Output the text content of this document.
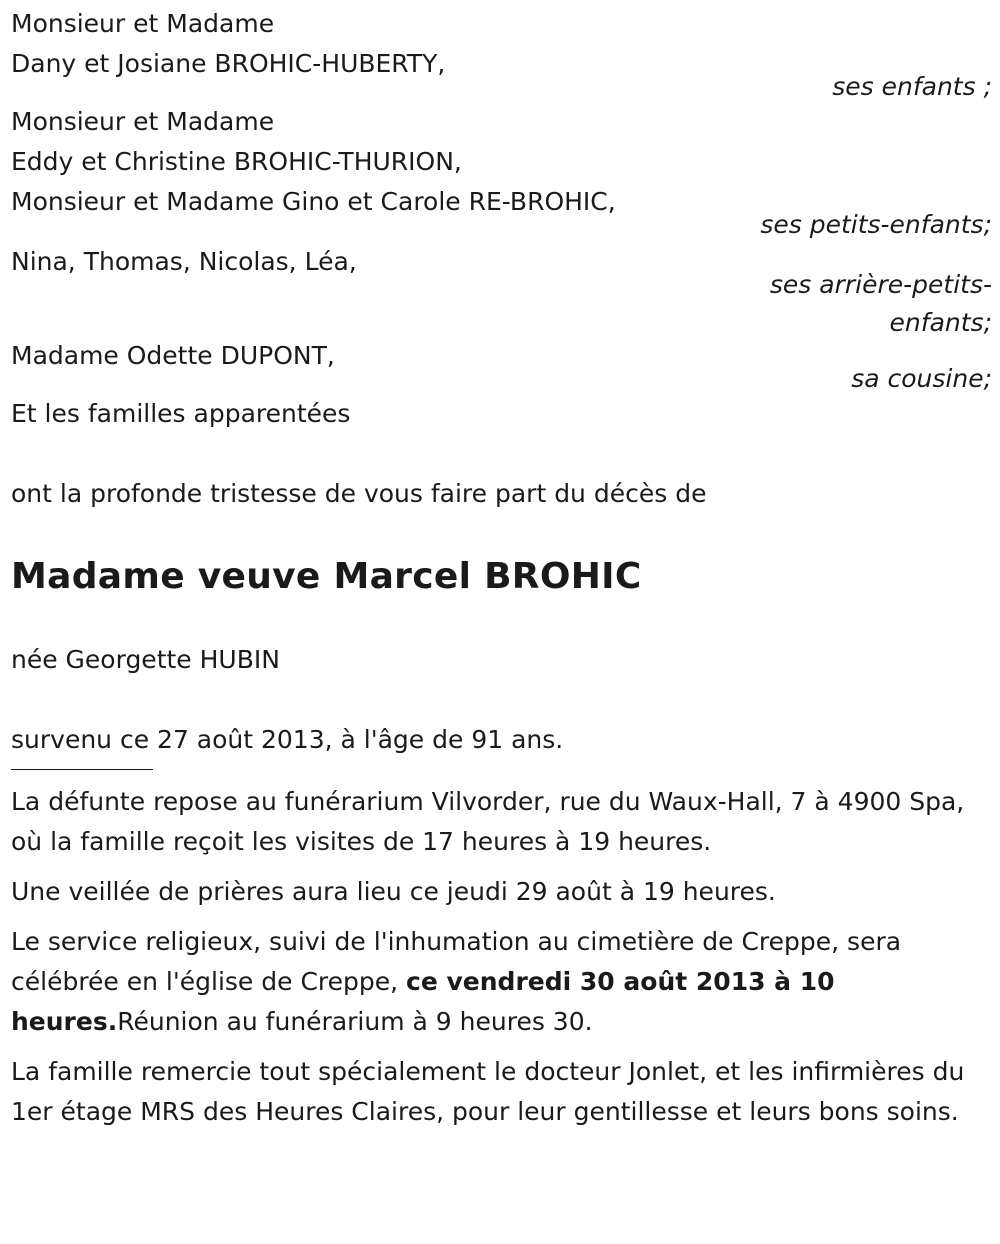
Monsieur et Madame
Dany et Josiane BROHIC-HUBERTY,
ses enfants ;
Monsieur et Madame
Eddy et Christine BROHIC-THURION,
Monsieur et Madame Gino et Carole RE-BROHIC,
ses petits-enfants;
Nina, Thomas, Nicolas, Léa,
ses arrière-petits-
enfants;
Madame Odette DUPONT,
sa cousine;
Et les familles apparentées

ont la profonde tristesse de vous faire part du décès de

Madame veuve Marcel BROHIC

née Georgette HUBIN

survenu ce 27 août 2013, à l'âge de 91 ans.

La défunte repose au funérarium Vilvorder, rue du Waux-Hall, 7 à 4900 Spa, où la famille reçoit les visites de 17 heures à 19 heures.

Une veillée de prières aura lieu ce jeudi 29 août à 19 heures.

Le service religieux, suivi de l'inhumation au cimetière de Creppe, sera célébrée en l'église de Creppe, ce vendredi 30 août 2013 à 10 heures.Réunion au funérarium à 9 heures 30.

La famille remercie tout spécialement le docteur Jonlet, et les infirmières du 1er étage MRS des Heures Claires, pour leur gentillesse et leurs bons soins.
